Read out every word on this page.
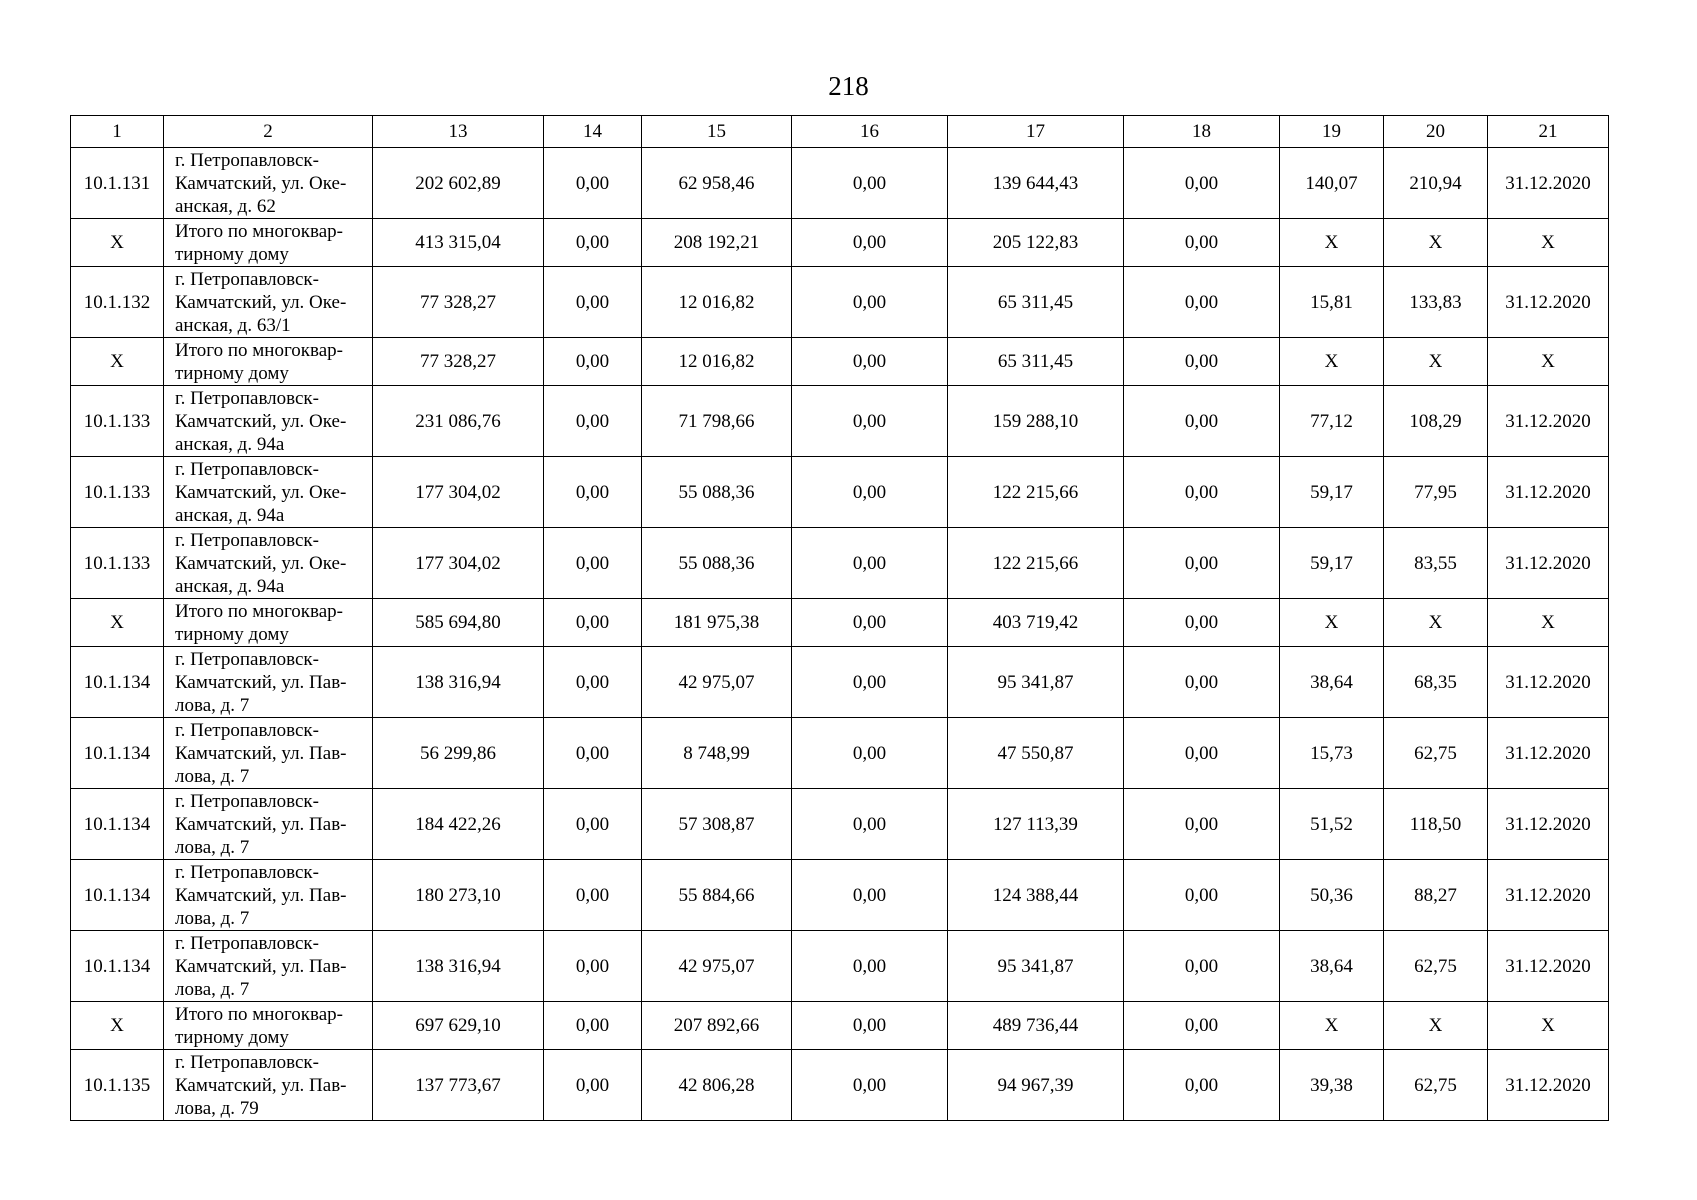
218
1	2	13	14	15	16	17	18	19	20	21
10.1.131	г. Петропавловск-
Камчатский, ул. Оке-
анская, д. 62	202 602,89	0,00	62 958,46	0,00	139 644,43	0,00	140,07	210,94	31.12.2020
Х	Итого по многоквар-
тирному дому	413 315,04	0,00	208 192,21	0,00	205 122,83	0,00	Х	Х	Х
10.1.132	г. Петропавловск-
Камчатский, ул. Оке-
анская, д. 63/1	77 328,27	0,00	12 016,82	0,00	65 311,45	0,00	15,81	133,83	31.12.2020
Х	Итого по многоквар-
тирному дому	77 328,27	0,00	12 016,82	0,00	65 311,45	0,00	Х	Х	Х
10.1.133	г. Петропавловск-
Камчатский, ул. Оке-
анская, д. 94а	231 086,76	0,00	71 798,66	0,00	159 288,10	0,00	77,12	108,29	31.12.2020
10.1.133	г. Петропавловск-
Камчатский, ул. Оке-
анская, д. 94а	177 304,02	0,00	55 088,36	0,00	122 215,66	0,00	59,17	77,95	31.12.2020
10.1.133	г. Петропавловск-
Камчатский, ул. Оке-
анская, д. 94а	177 304,02	0,00	55 088,36	0,00	122 215,66	0,00	59,17	83,55	31.12.2020
Х	Итого по многоквар-
тирному дому	585 694,80	0,00	181 975,38	0,00	403 719,42	0,00	Х	Х	Х
10.1.134	г. Петропавловск-
Камчатский, ул. Пав-
лова, д. 7	138 316,94	0,00	42 975,07	0,00	95 341,87	0,00	38,64	68,35	31.12.2020
10.1.134	г. Петропавловск-
Камчатский, ул. Пав-
лова, д. 7	56 299,86	0,00	8 748,99	0,00	47 550,87	0,00	15,73	62,75	31.12.2020
10.1.134	г. Петропавловск-
Камчатский, ул. Пав-
лова, д. 7	184 422,26	0,00	57 308,87	0,00	127 113,39	0,00	51,52	118,50	31.12.2020
10.1.134	г. Петропавловск-
Камчатский, ул. Пав-
лова, д. 7	180 273,10	0,00	55 884,66	0,00	124 388,44	0,00	50,36	88,27	31.12.2020
10.1.134	г. Петропавловск-
Камчатский, ул. Пав-
лова, д. 7	138 316,94	0,00	42 975,07	0,00	95 341,87	0,00	38,64	62,75	31.12.2020
Х	Итого по многоквар-
тирному дому	697 629,10	0,00	207 892,66	0,00	489 736,44	0,00	Х	Х	Х
10.1.135	г. Петропавловск-
Камчатский, ул. Пав-
лова, д. 79	137 773,67	0,00	42 806,28	0,00	94 967,39	0,00	39,38	62,75	31.12.2020
